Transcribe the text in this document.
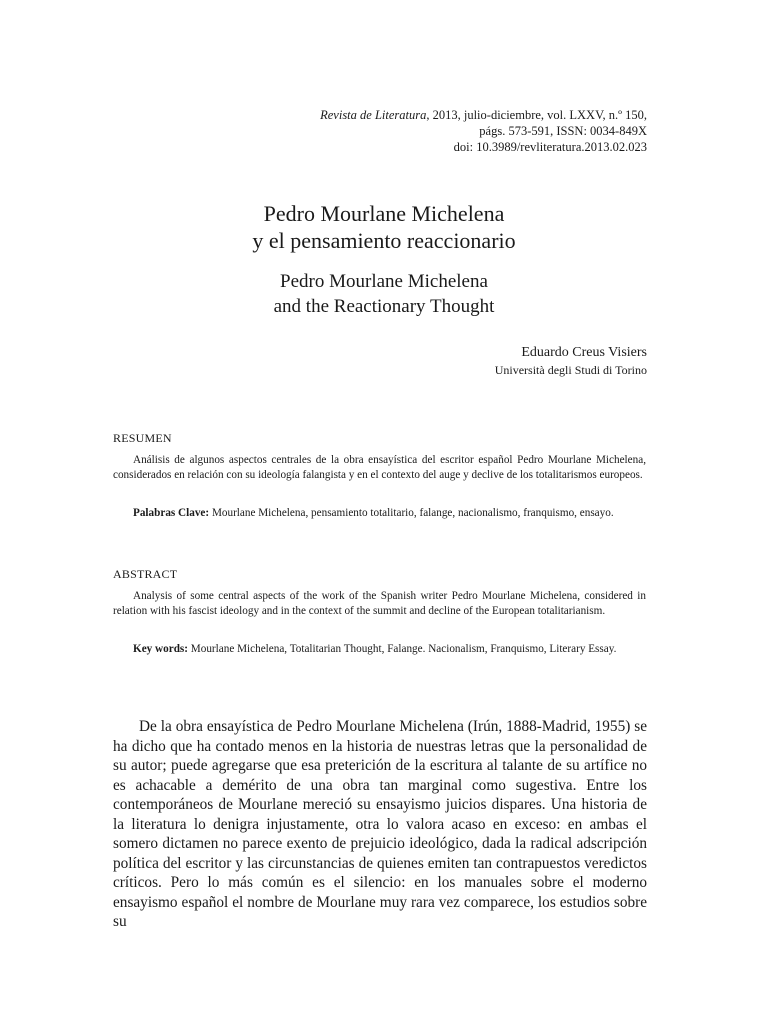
Revista de Literatura, 2013, julio-diciembre, vol. LXXV, n.º 150,
págs. 573-591, ISSN: 0034-849X
doi: 10.3989/revliteratura.2013.02.023
Pedro Mourlane Michelena
y el pensamiento reaccionario
Pedro Mourlane Michelena
and the Reactionary Thought
Eduardo Creus Visiers
Università degli Studi di Torino
RESUMEN

Análisis de algunos aspectos centrales de la obra ensayística del escritor español Pedro Mourlane Michelena, considerados en relación con su ideología falangista y en el contexto del auge y declive de los totalitarismos europeos.

Palabras Clave: Mourlane Michelena, pensamiento totalitario, falange, nacionalismo, franquismo, ensayo.

ABSTRACT

Analysis of some central aspects of the work of the Spanish writer Pedro Mourlane Michelena, considered in relation with his fascist ideology and in the context of the summit and decline of the European totalitarianism.

Key words: Mourlane Michelena, Totalitarian Thought, Falange. Nacionalism, Franquismo, Literary Essay.

De la obra ensayística de Pedro Mourlane Michelena (Irún, 1888-Madrid, 1955) se ha dicho que ha contado menos en la historia de nuestras letras que la personalidad de su autor; puede agregarse que esa preterición de la escritura al talante de su artífice no es achacable a demérito de una obra tan marginal como sugestiva. Entre los contemporáneos de Mourlane mereció su ensayismo juicios dispares. Una historia de la literatura lo denigra injustamente, otra lo valora acaso en exceso: en ambas el somero dictamen no parece exento de prejuicio ideológico, dada la radical adscripción política del escritor y las circunstancias de quienes emiten tan contrapuestos veredictos críticos. Pero lo más común es el silencio: en los manuales sobre el moderno ensayismo español el nombre de Mourlane muy rara vez comparece, los estudios sobre su
